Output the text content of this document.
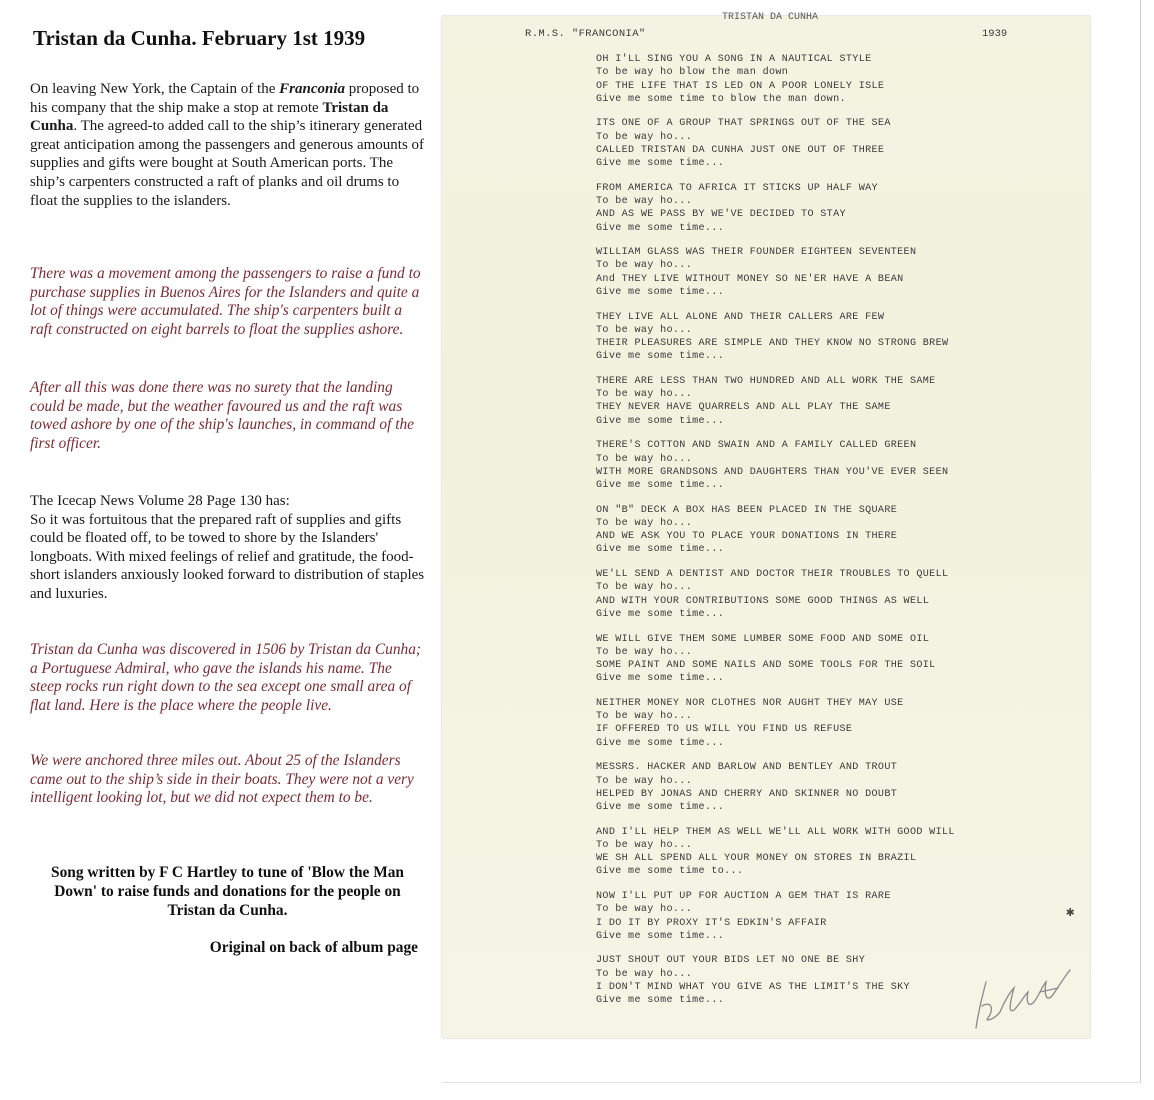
Tristan da Cunha. February 1st 1939

On leaving New York, the Captain of the Franconia proposed to his company that the ship make a stop at remote Tristan da Cunha. The agreed-to added call to the ship’s itinerary generated great anticipation among the passengers and generous amounts of supplies and gifts were bought at South American ports. The ship’s carpenters constructed a raft of planks and oil drums to float the supplies to the islanders.

There was a movement among the passengers to raise a fund to purchase supplies in Buenos Aires for the Islanders and quite a lot of things were accumulated. The ship's carpenters built a raft constructed on eight barrels to float the supplies ashore.

After all this was done there was no surety that the landing could be made, but the weather favoured us and the raft was towed ashore by one of the ship's launches, in command of the first officer.

The Icecap News Volume 28 Page 130 has:
So it was fortuitous that the prepared raft of supplies and gifts could be floated off, to be towed to shore by the Islanders' longboats. With mixed feelings of relief and gratitude, the food-short islanders anxiously looked forward to distribution of staples and luxuries.

Tristan da Cunha was discovered in 1506 by Tristan da Cunha; a Portuguese Admiral, who gave the islands his name. The steep rocks run right down to the sea except one small area of flat land. Here is the place where the people live.

We were anchored three miles out. About 25 of the Islanders came out to the ship’s side in their boats. They were not a very intelligent looking lot, but we did not expect them to be.

Song written by F C Hartley to tune of 'Blow the Man Down' to raise funds and donations for the people on Tristan da Cunha.

Original on back of album page

TRISTAN DA CUNHA
R.M.S. "FRANCONIA"	1939
OH I'LL SING YOU A SONG IN A NAUTICAL STYLE
To be way ho blow the man down
OF THE LIFE THAT IS LED ON A POOR LONELY ISLE
Give me some time to blow the man down.
ITS ONE OF A GROUP THAT SPRINGS OUT OF THE SEA
To be way ho...
CALLED TRISTAN DA CUNHA JUST ONE OUT OF THREE
Give me some time...
FROM AMERICA TO AFRICA IT STICKS UP HALF WAY
To be way ho...
AND AS WE PASS BY WE'VE DECIDED TO STAY
Give me some time...
WILLIAM GLASS WAS THEIR FOUNDER EIGHTEEN SEVENTEEN
To be way ho...
And THEY LIVE WITHOUT MONEY SO NE'ER HAVE A BEAN
Give me some time...
THEY LIVE ALL ALONE AND THEIR CALLERS ARE FEW
To be way ho...
THEIR PLEASURES ARE SIMPLE AND THEY KNOW NO STRONG BREW
Give me some time...
THERE ARE LESS THAN TWO HUNDRED AND ALL WORK THE SAME
To be way ho...
THEY NEVER HAVE QUARRELS AND ALL PLAY THE SAME
Give me some time...
THERE'S COTTON AND SWAIN AND A FAMILY CALLED GREEN
To be way ho...
WITH MORE GRANDSONS AND DAUGHTERS THAN YOU'VE EVER SEEN
Give me some time...
ON "B" DECK A BOX HAS BEEN PLACED IN THE SQUARE
To be way ho...
AND WE ASK YOU TO PLACE YOUR DONATIONS IN THERE
Give me some time...
WE'LL SEND A DENTIST AND DOCTOR THEIR TROUBLES TO QUELL
To be way ho...
AND WITH YOUR CONTRIBUTIONS SOME GOOD THINGS AS WELL
Give me some time...
WE WILL GIVE THEM SOME LUMBER SOME FOOD AND SOME OIL
To be way ho...
SOME PAINT AND SOME NAILS AND SOME TOOLS FOR THE SOIL
Give me some time...
NEITHER MONEY NOR CLOTHES NOR AUGHT THEY MAY USE
To be way ho...
IF OFFERED TO US WILL YOU FIND US REFUSE
Give me some time...
MESSRS. HACKER AND BARLOW AND BENTLEY AND TROUT
To be way ho...
HELPED BY JONAS AND CHERRY AND SKINNER NO DOUBT
Give me some time...
AND I'LL HELP THEM AS WELL WE'LL ALL WORK WITH GOOD WILL
To be way ho...
WE SH ALL SPEND ALL YOUR MONEY ON STORES IN BRAZIL
Give me some time to...
NOW I'LL PUT UP FOR AUCTION A GEM THAT IS RARE
To be way ho...
I DO IT BY PROXY IT'S EDKIN'S AFFAIR
Give me some time...
JUST SHOUT OUT YOUR BIDS LET NO ONE BE SHY
To be way ho...
I DON'T MIND WHAT YOU GIVE AS THE LIMIT'S THE SKY
Give me some time...
✱
